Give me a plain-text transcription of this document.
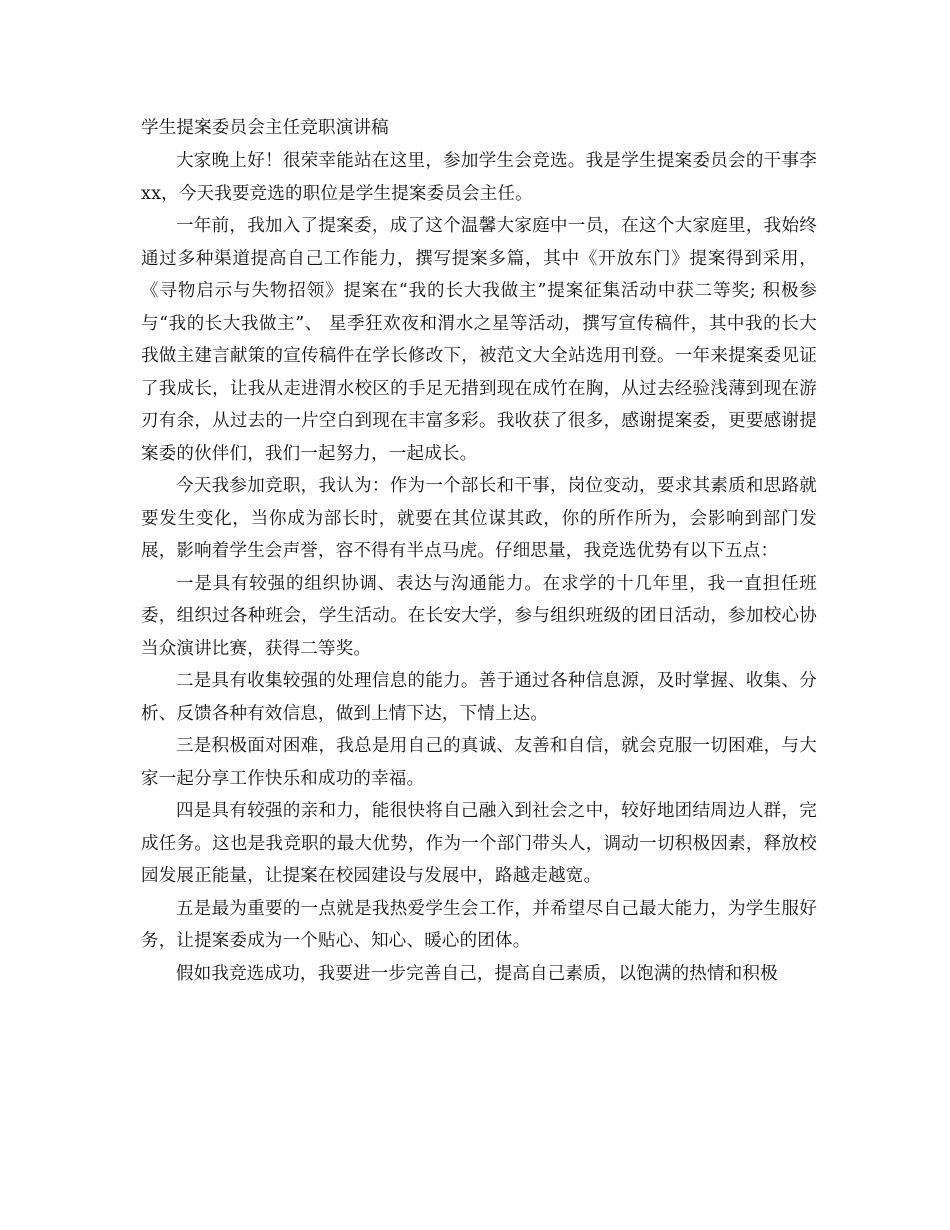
学生提案委员会主任竞职演讲稿

大家晚上好！很荣幸能站在这里，参加学生会竞选。我是学生提案委员会的干事李xx，今天我要竞选的职位是学生提案委员会主任。

一年前，我加入了提案委，成了这个温馨大家庭中一员，在这个大家庭里，我始终通过多种渠道提高自己工作能力，撰写提案多篇，其中《开放东门》提案得到采用，《寻物启示与失物招领》提案在“我的长大我做主”提案征集活动中获二等奖; 积极参与“我的长大我做主”、 星季狂欢夜和渭水之星等活动，撰写宣传稿件，其中我的长大我做主建言献策的宣传稿件在学长修改下，被范文大全站选用刊登。一年来提案委见证了我成长，让我从走进渭水校区的手足无措到现在成竹在胸，从过去经验浅薄到现在游刃有余，从过去的一片空白到现在丰富多彩。我收获了很多，感谢提案委，更要感谢提案委的伙伴们，我们一起努力，一起成长。

今天我参加竞职，我认为：作为一个部长和干事，岗位变动，要求其素质和思路就要发生变化，当你成为部长时，就要在其位谋其政，你的所作所为，会影响到部门发展，影响着学生会声誉，容不得有半点马虎。仔细思量，我竞选优势有以下五点：

一是具有较强的组织协调、表达与沟通能力。在求学的十几年里，我一直担任班委，组织过各种班会，学生活动。在长安大学，参与组织班级的团日活动，参加校心协当众演讲比赛，获得二等奖。

二是具有收集较强的处理信息的能力。善于通过各种信息源，及时掌握、收集、分析、反馈各种有效信息，做到上情下达，下情上达。

三是积极面对困难，我总是用自己的真诚、友善和自信，就会克服一切困难，与大家一起分享工作快乐和成功的幸福。

四是具有较强的亲和力，能很快将自己融入到社会之中，较好地团结周边人群，完成任务。这也是我竞职的最大优势，作为一个部门带头人，调动一切积极因素，释放校园发展正能量，让提案在校园建设与发展中，路越走越宽。

五是最为重要的一点就是我热爱学生会工作，并希望尽自己最大能力，为学生服好务，让提案委成为一个贴心、知心、暖心的团体。

假如我竞选成功，我要进一步完善自己，提高自己素质，以饱满的热情和积极
